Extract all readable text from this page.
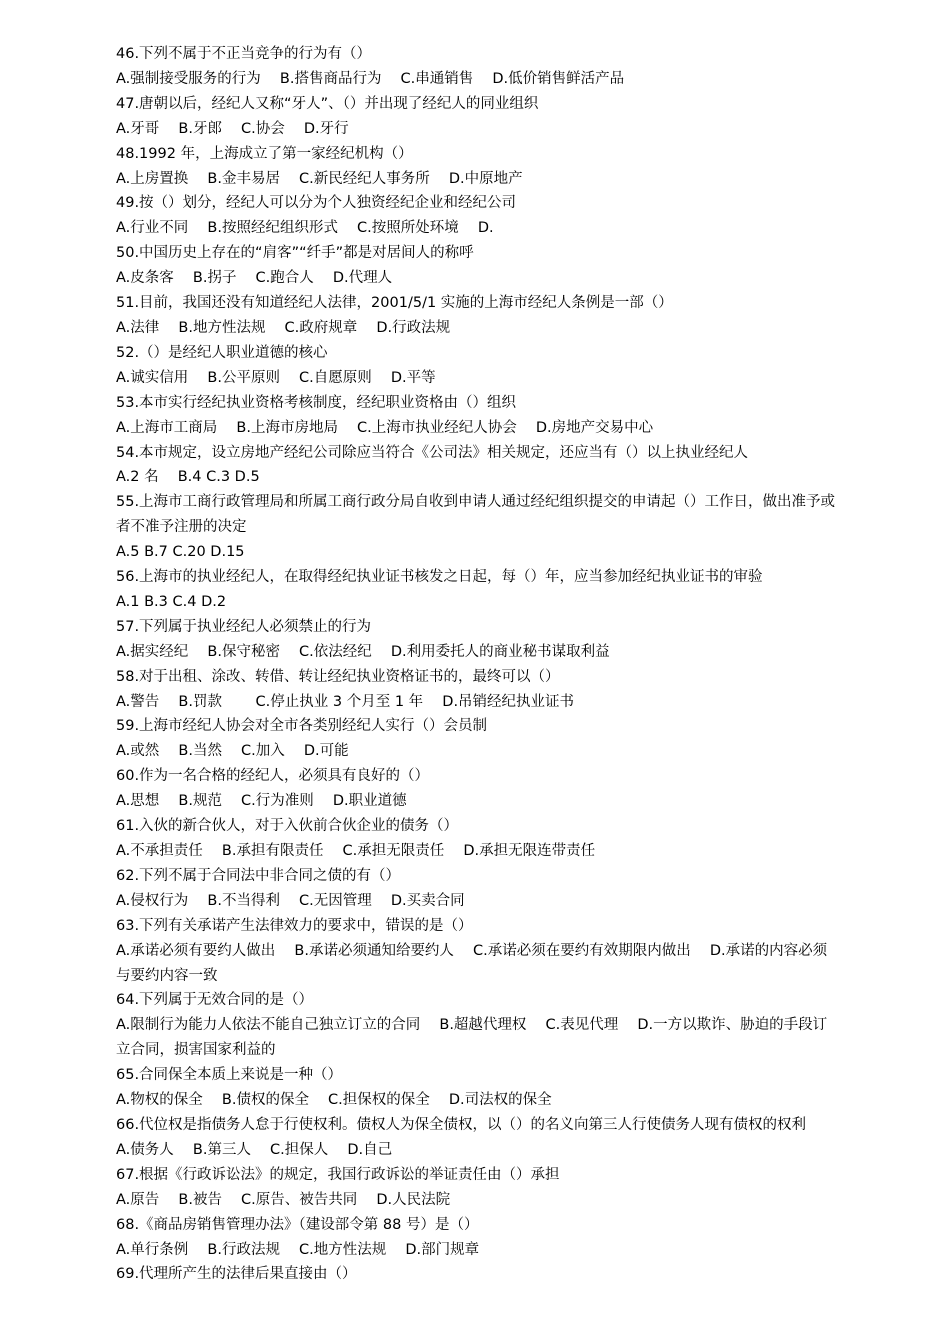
46.下列不属于不正当竞争的行为有（）

A.强制接受服务的行为　 B.搭售商品行为　 C.串通销售　 D.低价销售鲜活产品

47.唐朝以后，经纪人又称“牙人”、（）并出现了经纪人的同业组织

A.牙哥　 B.牙郎　 C.协会　 D.牙行

48.1992 年，上海成立了第一家经纪机构（）

A.上房置换　 B.金丰易居　 C.新民经纪人事务所　 D.中原地产

49.按（）划分，经纪人可以分为个人独资经纪企业和经纪公司

A.行业不同　 B.按照经纪组织形式　 C.按照所处环境　 D.

50.中国历史上存在的“肩客”“纤手”都是对居间人的称呼

A.皮条客　 B.拐子　 C.跑合人　 D.代理人

51.目前，我国还没有知道经纪人法律，2001/5/1 实施的上海市经纪人条例是一部（）

A.法律　 B.地方性法规　 C.政府规章　 D.行政法规

52.（）是经纪人职业道德的核心

A.诚实信用　 B.公平原则　 C.自愿原则　 D.平等

53.本市实行经纪执业资格考核制度，经纪职业资格由（）组织

A.上海市工商局　 B.上海市房地局　 C.上海市执业经纪人协会　 D.房地产交易中心

54.本市规定，设立房地产经纪公司除应当符合《公司法》相关规定，还应当有（）以上执业经纪人

A.2 名　 B.4 C.3 D.5

55.上海市工商行政管理局和所属工商行政分局自收到申请人通过经纪组织提交的申请起（）工作日，做出准予或者不准予注册的决定

A.5 B.7 C.20 D.15

56.上海市的执业经纪人，在取得经纪执业证书核发之日起，每（）年，应当参加经纪执业证书的审验

A.1 B.3 C.4 D.2

57.下列属于执业经纪人必须禁止的行为

A.据实经纪　 B.保守秘密　 C.依法经纪　 D.利用委托人的商业秘书谋取利益

58.对于出租、涂改、转借、转让经纪执业资格证书的，最终可以（）

A.警告　 B.罚款　　 C.停止执业 3 个月至 1 年　 D.吊销经纪执业证书

59.上海市经纪人协会对全市各类别经纪人实行（）会员制

A.或然　 B.当然　 C.加入　 D.可能

60.作为一名合格的经纪人，必须具有良好的（）

A.思想　 B.规范　 C.行为准则　 D.职业道德

61.入伙的新合伙人，对于入伙前合伙企业的债务（）

A.不承担责任　 B.承担有限责任　 C.承担无限责任　 D.承担无限连带责任

62.下列不属于合同法中非合同之债的有（）

A.侵权行为　 B.不当得利　 C.无因管理　 D.买卖合同

63.下列有关承诺产生法律效力的要求中，错误的是（）

A.承诺必须有要约人做出　 B.承诺必须通知给要约人　 C.承诺必须在要约有效期限内做出　 D.承诺的内容必须与要约内容一致

64.下列属于无效合同的是（）

A.限制行为能力人依法不能自己独立订立的合同　 B.超越代理权　 C.表见代理　 D.一方以欺诈、胁迫的手段订立合同，损害国家利益的

65.合同保全本质上来说是一种（）

A.物权的保全　 B.债权的保全　 C.担保权的保全　 D.司法权的保全

66.代位权是指债务人怠于行使权利。债权人为保全债权，以（）的名义向第三人行使债务人现有债权的权利

A.债务人　 B.第三人　 C.担保人　 D.自己

67.根据《行政诉讼法》的规定，我国行政诉讼的举证责任由（）承担

A.原告　 B.被告　 C.原告、被告共同　 D.人民法院

68.《商品房销售管理办法》（建设部令第 88 号）是（）

A.单行条例　 B.行政法规　 C.地方性法规　 D.部门规章

69.代理所产生的法律后果直接由（）
